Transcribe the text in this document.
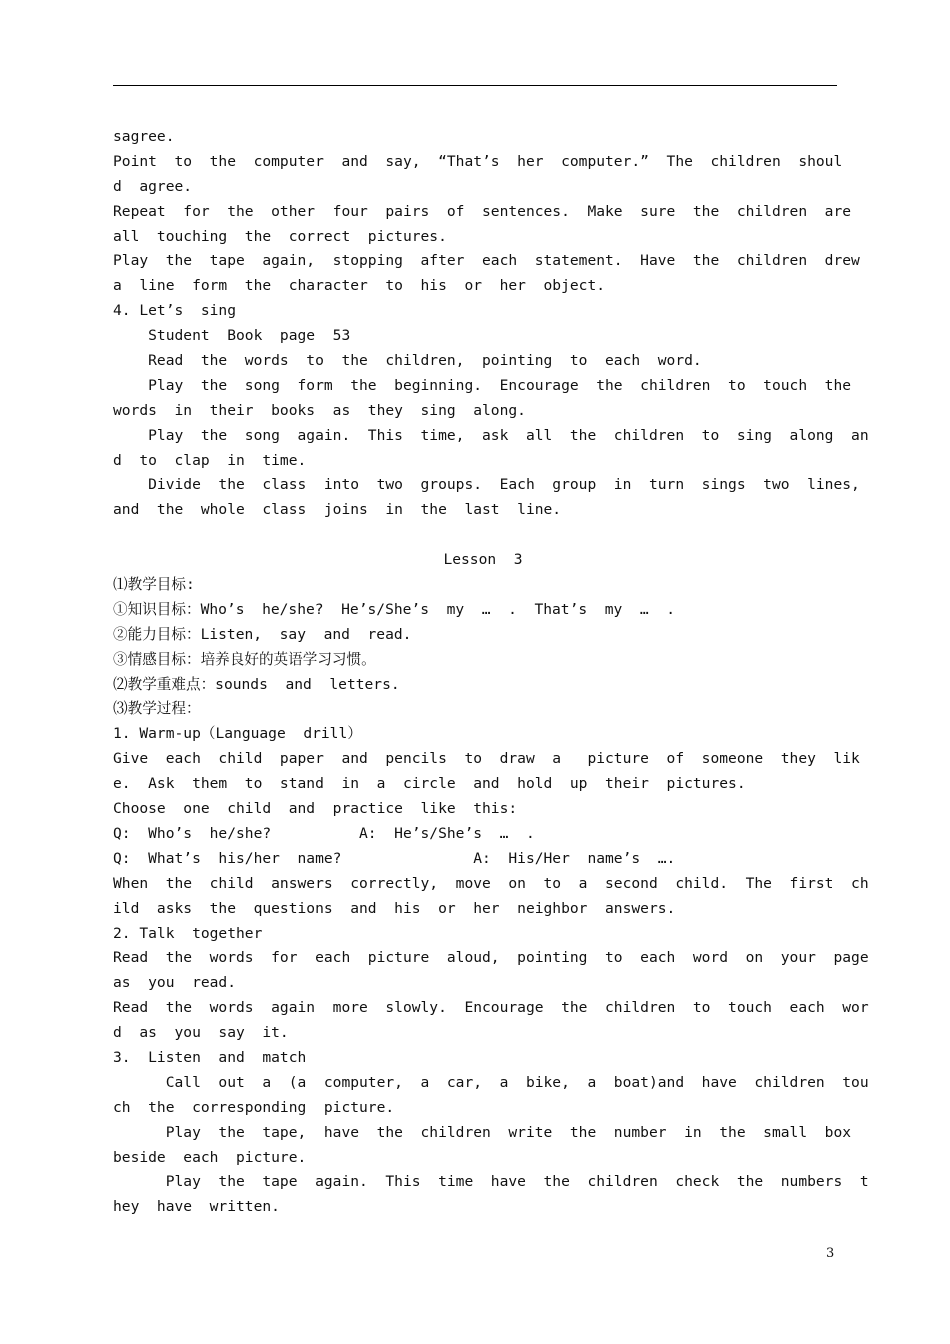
sagree.
Point  to  the  computer  and  say,  “That’s  her  computer.”  The  children  shoul
d  agree.
Repeat  for  the  other  four  pairs  of  sentences.  Make  sure  the  children  are
all  touching  the  correct  pictures.
Play  the  tape  again,  stopping  after  each  statement.  Have  the  children  drew
a  line  form  the  character  to  his  or  her  object.
4. Let’s  sing
Student  Book  page  53
Read  the  words  to  the  children,  pointing  to  each  word.
Play  the  song  form  the  beginning.  Encourage  the  children  to  touch  the
words  in  their  books  as  they  sing  along.
Play  the  song  again.  This  time,  ask  all  the  children  to  sing  along  an
d  to  clap  in  time.
Divide  the  class  into  two  groups.  Each  group  in  turn  sings  two  lines,
and  the  whole  class  joins  in  the  last  line.
Lesson  3
⑴教学目标:
①知识目标：Who’s  he/she?  He’s/She’s  my  …  .  That’s  my  …  .
②能力目标：Listen,  say  and  read.
③情感目标：培养良好的英语学习习惯。
⑵教学重难点：sounds  and  letters.
⑶教学过程：
1. Warm-up（Language  drill）
Give  each  child  paper  and  pencils  to  draw  a   picture  of  someone  they  lik
e.  Ask  them  to  stand  in  a  circle  and  hold  up  their  pictures.
Choose  one  child  and  practice  like  this:
Q:  Who’s  he/she?          A:  He’s/She’s  …  .
Q:  What’s  his/her  name?               A:  His/Her  name’s  ….
When  the  child  answers  correctly,  move  on  to  a  second  child.  The  first  ch
ild  asks  the  questions  and  his  or  her  neighbor  answers.
2. Talk  together
Read  the  words  for  each  picture  aloud,  pointing  to  each  word  on  your  page
as  you  read.
Read  the  words  again  more  slowly.  Encourage  the  children  to  touch  each  wor
d  as  you  say  it.
3.  Listen  and  match
Call  out  a  (a  computer,  a  car,  a  bike,  a  boat)and  have  children  tou
ch  the  corresponding  picture.
Play  the  tape,  have  the  children  write  the  number  in  the  small  box
beside  each  picture.
Play  the  tape  again.  This  time  have  the  children  check  the  numbers  t
hey  have  written.
3
